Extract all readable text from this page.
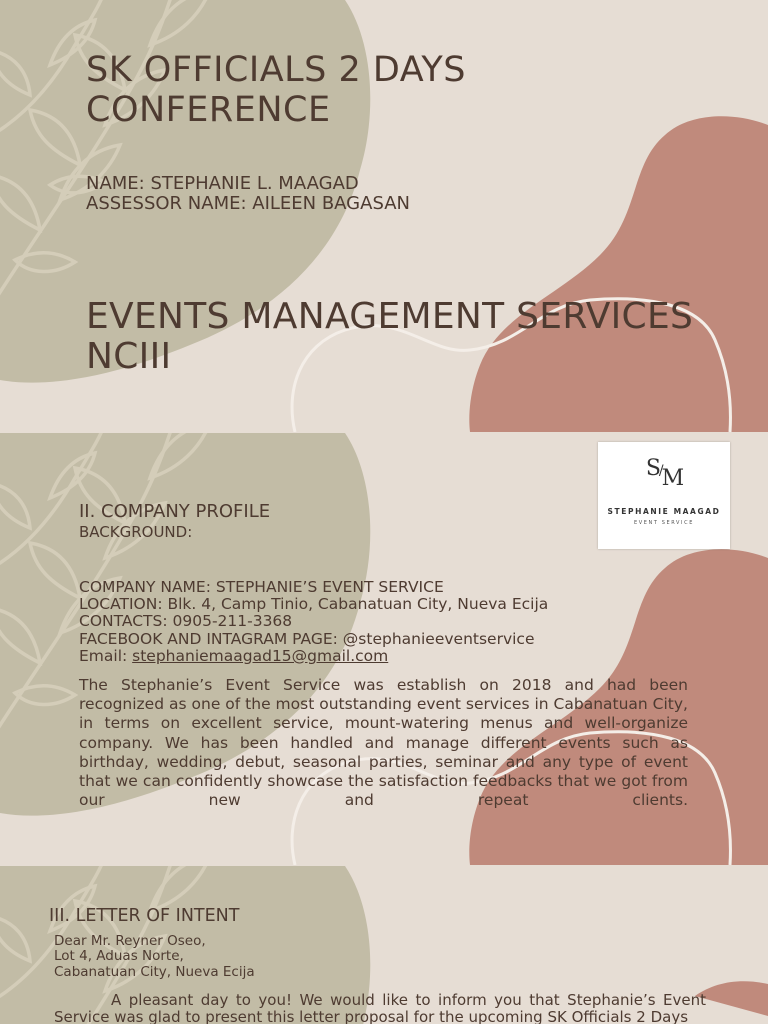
SK OFFICIALS 2 DAYS
CONFERENCE

NAME: STEPHANIE L. MAAGAD

ASSESSOR NAME: AILEEN BAGASAN

EVENTS MANAGEMENT SERVICES
NCIII

S/M
STEPHANIE MAAGAD
EVENT SERVICE

II. COMPANY PROFILE

BACKGROUND:

COMPANY NAME: STEPHANIE’S EVENT SERVICE
LOCATION: Blk. 4, Camp Tinio, Cabanatuan City, Nueva Ecija
CONTACTS: 0905-211-3368
FACEBOOK AND INTAGRAM PAGE: @stephanieeventservice
Email: stephaniemaagad15@gmail.com

The Stephanie’s Event Service was establish on 2018 and had been recognized as one of the most outstanding event services in Cabanatuan City, in terms on excellent service, mount-watering menus and well-organize company. We has been handled and manage different events such as birthday, wedding, debut, seasonal parties, seminar and any type of event that we can confidently showcase the satisfaction feedbacks that we got from our new and repeat clients.

III. LETTER OF INTENT

Dear Mr. Reyner Oseo,
Lot 4, Aduas Norte,
Cabanatuan City, Nueva Ecija

A pleasant day to you! We would like to inform you that Stephanie’s Event Service was glad to present this letter proposal for the upcoming SK Officials 2 Days
